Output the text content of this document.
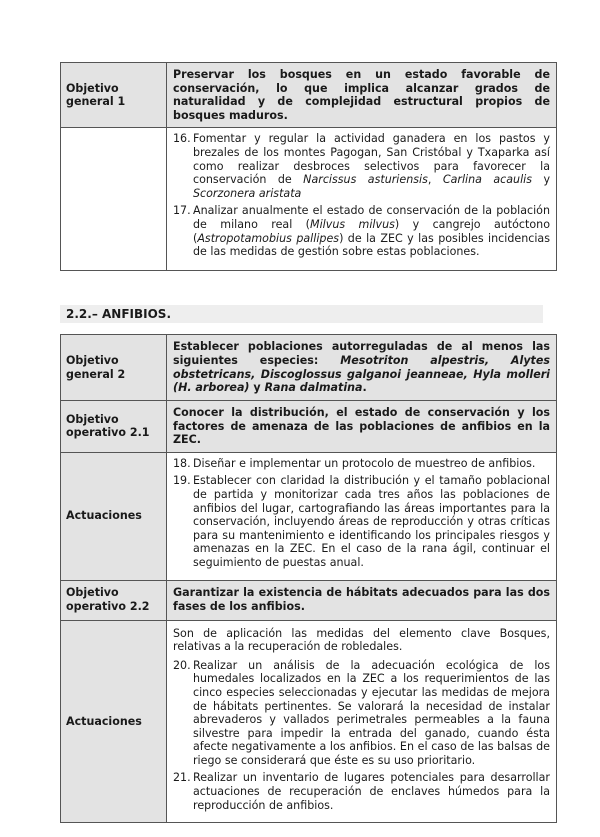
Objetivo general 1	Preservar los bosques en un estado favorable de conservación, lo que implica alcanzar grados de naturalidad y de complejidad estructural propios de bosques maduros.

	16. Fomentar y regular la actividad ganadera en los pastos y brezales de los montes Pagogan, San Cristóbal y Txaparka así como realizar desbroces selectivos para favorecer la conservación de Narcissus asturiensis, Carlina acaulis y Scorzonera aristata
17. Analizar anualmente el estado de conservación de la población de milano real (Milvus milvus) y cangrejo autóctono (Astropotamobius pallipes) de la ZEC y las posibles incidencias de las medidas de gestión sobre estas poblaciones.
2.2.– ANFIBIOS.
Objetivo general 2	Establecer poblaciones autorreguladas de al menos las siguientes especies: Mesotriton alpestris, Alytes obstetricans, Discoglossus galganoi jeanneae, Hyla molleri (H. arborea) y Rana dalmatina.
Objetivo operativo 2.1	Conocer la distribución, el estado de conservación y los factores de amenaza de las poblaciones de anfibios en la ZEC.
Actuaciones	18. Diseñar e implementar un protocolo de muestreo de anfibios.
19. Establecer con claridad la distribución y el tamaño poblacional de partida y monitorizar cada tres años las poblaciones de anfibios del lugar, cartografiando las áreas importantes para la conservación, incluyendo áreas de reproducción y otras críticas para su mantenimiento e identificando los principales riesgos y amenazas en la ZEC. En el caso de la rana ágil, continuar el seguimiento de puestas anual.

Objetivo operativo 2.2	Garantizar la existencia de hábitats adecuados para las dos fases de los anfibios.
Actuaciones	Son de aplicación las medidas del elemento clave Bosques, relativas a la recuperación de robledales.
20. Realizar un análisis de la adecuación ecológica de los humedales localizados en la ZEC a los requerimientos de las cinco especies seleccionadas y ejecutar las medidas de mejora de hábitats pertinentes. Se valorará la necesidad de instalar abrevaderos y vallados perimetrales permeables a la fauna silvestre para impedir la entrada del ganado, cuando ésta afecte negativamente a los anfibios. En el caso de las balsas de riego se considerará que éste es su uso prioritario.
21. Realizar un inventario de lugares potenciales para desarrollar actuaciones de recuperación de enclaves húmedos para la reproducción de anfibios.
